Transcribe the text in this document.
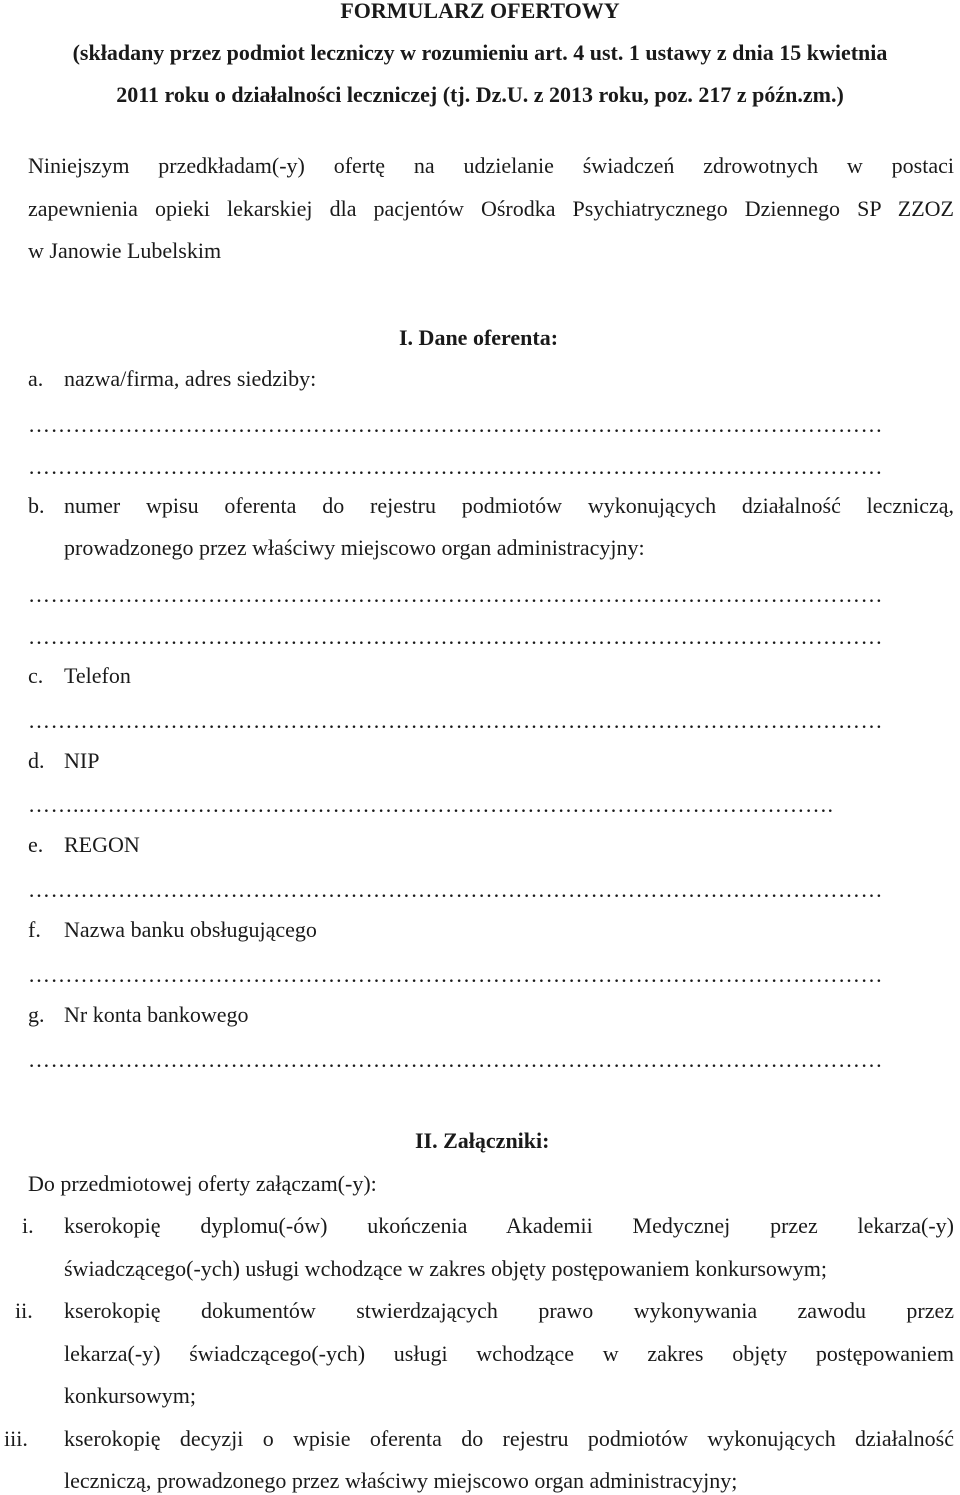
FORMULARZ OFERTOWY
(składany przez podmiot leczniczy w rozumieniu art. 4 ust. 1 ustawy z dnia 15 kwietnia
2011 roku o działalności leczniczej (tj. Dz.U. z 2013 roku, poz. 217 z późn.zm.)
Niniejszym przedkładam(-y) ofertę na udzielanie świadczeń zdrowotnych w postaci
zapewnienia opieki lekarskiej dla pacjentów Ośrodka Psychiatrycznego Dziennego SP ZZOZ
w Janowie Lubelskim
I. Dane oferenta:
a. nazwa/firma, adres siedziby:
……………………………………………………………………………………………………
……………………………………………………………………………………………………
b. numer wpisu oferenta do rejestru podmiotów wykonujących działalność leczniczą,
prowadzonego przez właściwy miejscowo organ administracyjny:
……………………………………………………………………………………………………
……………………………………………………………………………………………………
c. Telefon
……………………………………………………………………………………………………
d. NIP
……..……………………………………………………………………………………….
e. REGON
……………………………………………………………………………………………………
f. Nazwa banku obsługującego
……………………………………………………………………………………………………
g. Nr konta bankowego
……………………………………………………………………………………………………
II. Załączniki:
Do przedmiotowej oferty załączam(-y):
i. kserokopię dyplomu(-ów) ukończenia Akademii Medycznej przez lekarza(-y)
świadczącego(-ych) usługi wchodzące w zakres objęty postępowaniem konkursowym;
ii. kserokopię dokumentów stwierdzających prawo wykonywania zawodu przez
lekarza(-y) świadczącego(-ych) usługi wchodzące w zakres objęty postępowaniem
konkursowym;
iii. kserokopię decyzji o wpisie oferenta do rejestru podmiotów wykonujących działalność
leczniczą, prowadzonego przez właściwy miejscowo organ administracyjny;
